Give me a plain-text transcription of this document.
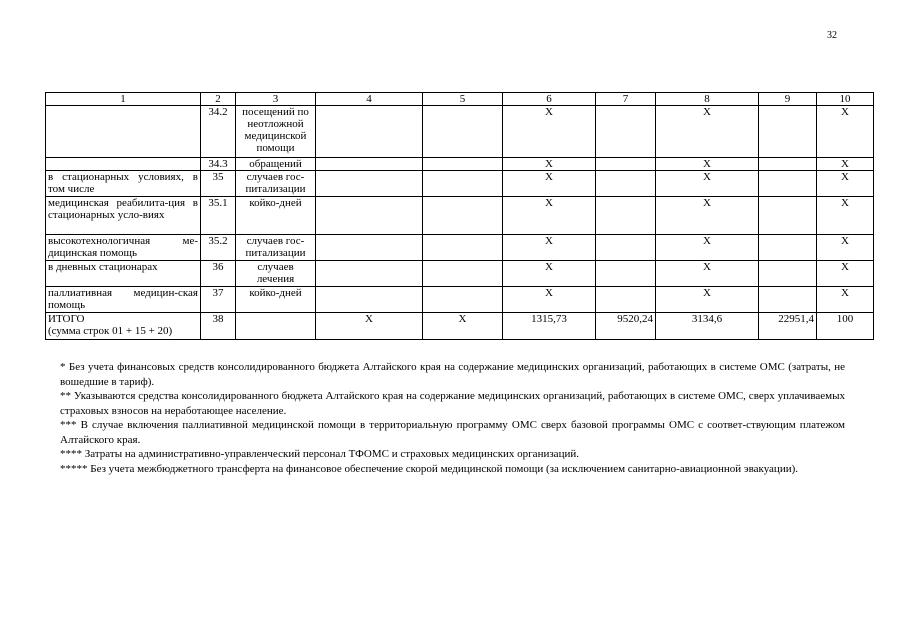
32
1	2	3	4	5	6	7	8	9	10
	34.2	посещений по неотложной медицинской помощи			Х		Х		Х
	34.3	обращений			Х		Х		Х
в стационарных условиях, в том числе	35	случаев гос-питализации			Х		Х		Х
медицинская реабилита-ция в стационарных усло-виях	35.1	койко-дней			Х		Х		Х
высокотехнологичная ме-дицинская помощь	35.2	случаев гос-питализации			Х		Х		Х
в дневных стационарах	36	случаев лечения			Х		Х		Х
паллиативная медицин-ская помощь	37	койко-дней			Х		Х		Х
ИТОГО
(сумма строк 01 + 15 + 20)	38		Х	Х	1315,73	9520,24	3134,6	22951,4	100

* Без учета финансовых средств консолидированного бюджета Алтайского края на содержание медицинских организаций, работающих в системе ОМС (затраты, не вошедшие в тариф).

** Указываются средства консолидированного бюджета Алтайского края на содержание медицинских организаций, работающих в системе ОМС, сверх уплачиваемых страховых взносов на неработающее население.

*** В случае включения паллиативной медицинской помощи в территориальную программу ОМС сверх базовой программы ОМС с соответ-ствующим платежом Алтайского края.

**** Затраты на административно-управленческий персонал ТФОМС и страховых медицинских организаций.

***** Без учета межбюджетного трансферта на финансовое обеспечение скорой медицинской помощи (за исключением санитарно-авиационной эвакуации).
